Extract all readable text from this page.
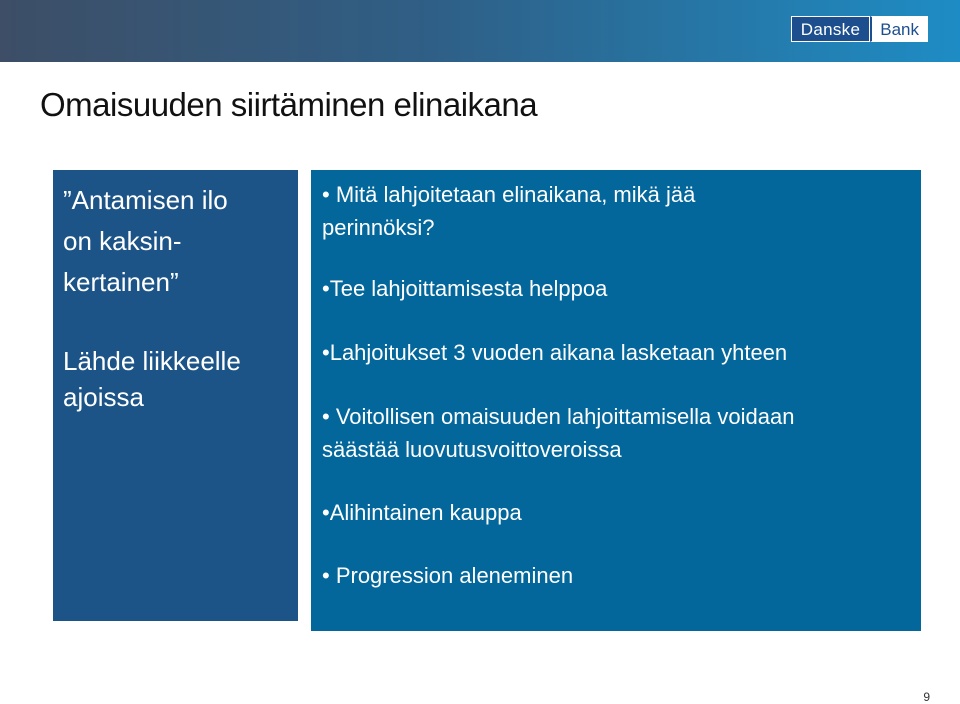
Danske	Bank
Omaisuuden siirtäminen elinaikana
”Antamisen ilo
on kaksin-
kertainen”
Lähde liikkeelle
ajoissa
• Mitä lahjoitetaan elinaikana, mikä jää
perinnöksi?
•Tee lahjoittamisesta helppoa
•Lahjoitukset 3 vuoden aikana lasketaan yhteen
• Voitollisen omaisuuden lahjoittamisella voidaan
säästää luovutusvoittoveroissa
•Alihintainen kauppa
• Progression aleneminen
9
